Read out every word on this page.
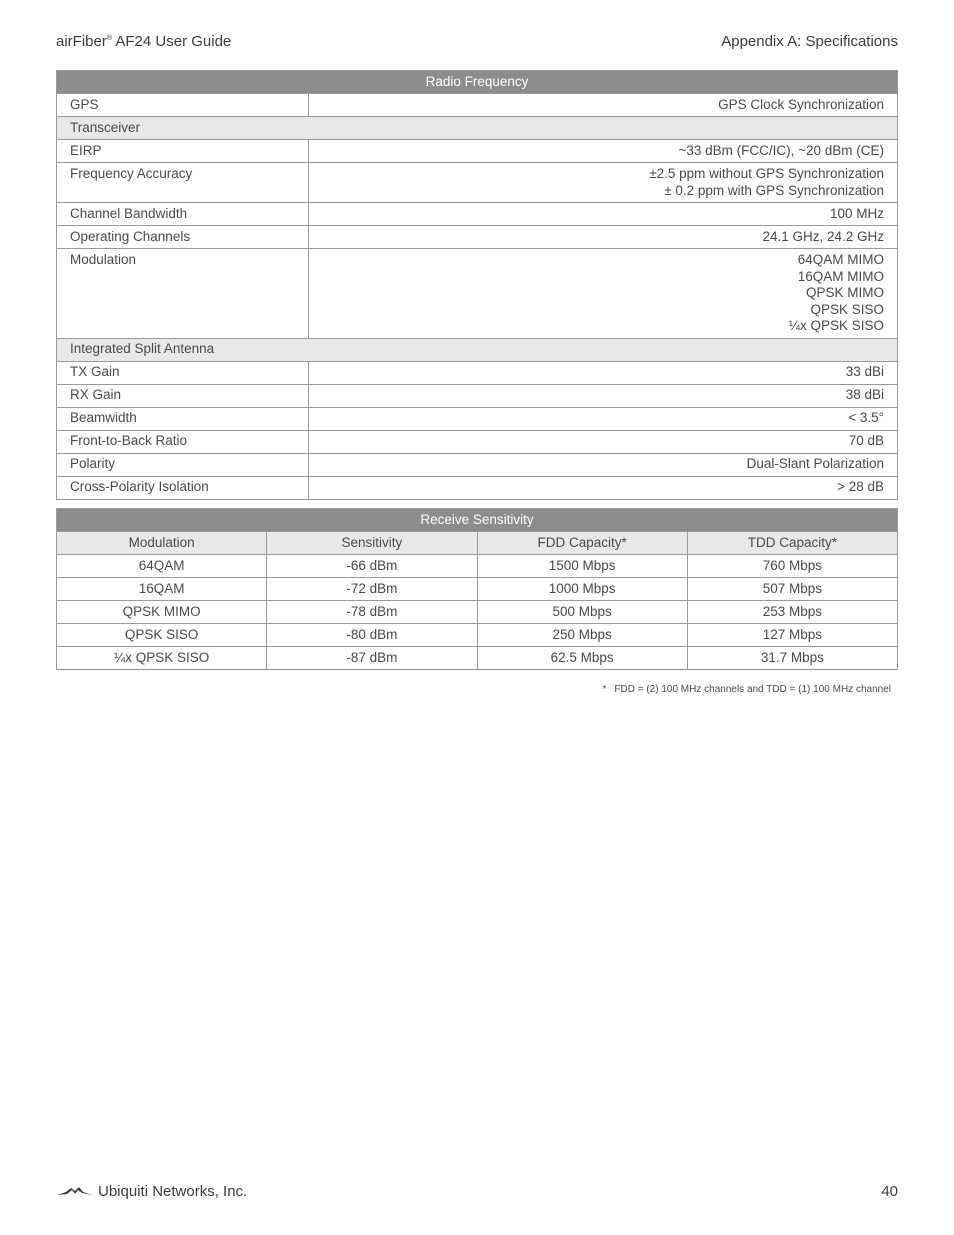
airFiber® AF24 User Guide	Appendix A: Specifications
Radio Frequency	
GPS	GPS Clock Synchronization
Transceiver	
EIRP	~33 dBm (FCC/IC), ~20 dBm (CE)
Frequency Accuracy	±2.5 ppm without GPS Synchronization
± 0.2 ppm with GPS Synchronization

Channel Bandwidth	100 MHz
Operating Channels	24.1 GHz, 24.2 GHz
Modulation	64QAM MIMO
16QAM MIMO
QPSK MIMO
QPSK SISO
¼x QPSK SISO

Integrated Split Antenna	
TX Gain	33 dBi
RX Gain	38 dBi
Beamwidth	< 3.5°
Front-to-Back Ratio	70 dB
Polarity	Dual-Slant Polarization
Cross-Polarity Isolation	> 28 dB
Receive Sensitivity			
Modulation	Sensitivity	FDD Capacity*	TDD Capacity*
64QAM	-66 dBm	1500 Mbps	760 Mbps
16QAM	-72 dBm	1000 Mbps	507 Mbps
QPSK MIMO	-78 dBm	500 Mbps	253 Mbps
QPSK SISO	-80 dBm	250 Mbps	127 Mbps
¼x QPSK SISO	-87 dBm	62.5 Mbps	31.7 Mbps
* FDD = (2) 100 MHz channels and TDD = (1) 100 MHz channel
Ubiquiti Networks, Inc.	40
